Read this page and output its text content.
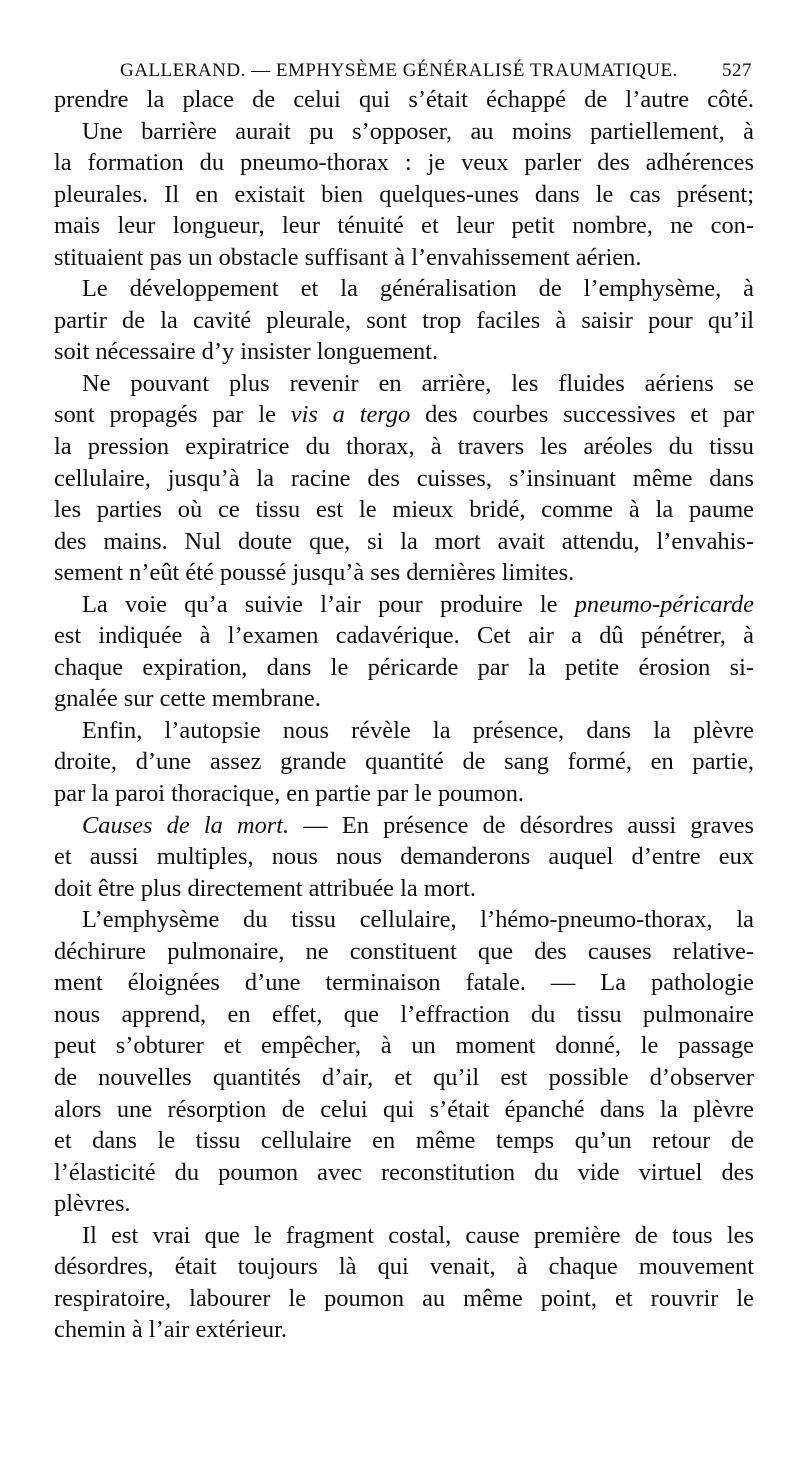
GALLERAND. — EMPHYSÈME GÉNÉRALISÉ TRAUMATIQUE. 527
prendre la place de celui qui s’était échappé de l’autre côté.
Une barrière aurait pu s’opposer, au moins partiellement, à
la formation du pneumo-thorax : je veux parler des adhérences
pleurales. Il en existait bien quelques-unes dans le cas présent;
mais leur longueur, leur ténuité et leur petit nombre, ne con-
stituaient pas un obstacle suffisant à l’envahissement aérien.
Le développement et la généralisation de l’emphysème, à
partir de la cavité pleurale, sont trop faciles à saisir pour qu’il
soit nécessaire d’y insister longuement.
Ne pouvant plus revenir en arrière, les fluides aériens se
sont propagés par le vis a tergo des courbes successives et par
la pression expiratrice du thorax, à travers les aréoles du tissu
cellulaire, jusqu’à la racine des cuisses, s’insinuant même dans
les parties où ce tissu est le mieux bridé, comme à la paume
des mains. Nul doute que, si la mort avait attendu, l’envahis-
sement n’eût été poussé jusqu’à ses dernières limites.
La voie qu’a suivie l’air pour produire le pneumo-péricarde
est indiquée à l’examen cadavérique. Cet air a dû pénétrer, à
chaque expiration, dans le péricarde par la petite érosion si-
gnalée sur cette membrane.
Enfin, l’autopsie nous révèle la présence, dans la plèvre
droite, d’une assez grande quantité de sang formé, en partie,
par la paroi thoracique, en partie par le poumon.
Causes de la mort. — En présence de désordres aussi graves
et aussi multiples, nous nous demanderons auquel d’entre eux
doit être plus directement attribuée la mort.
L’emphysème du tissu cellulaire, l’hémo-pneumo-thorax, la
déchirure pulmonaire, ne constituent que des causes relative-
ment éloignées d’une terminaison fatale. — La pathologie
nous apprend, en effet, que l’effraction du tissu pulmonaire
peut s’obturer et empêcher, à un moment donné, le passage
de nouvelles quantités d’air, et qu’il est possible d’observer
alors une résorption de celui qui s’était épanché dans la plèvre
et dans le tissu cellulaire en même temps qu’un retour de
l’élasticité du poumon avec reconstitution du vide virtuel des
plèvres.
Il est vrai que le fragment costal, cause première de tous les
désordres, était toujours là qui venait, à chaque mouvement
respiratoire, labourer le poumon au même point, et rouvrir le
chemin à l’air extérieur.
